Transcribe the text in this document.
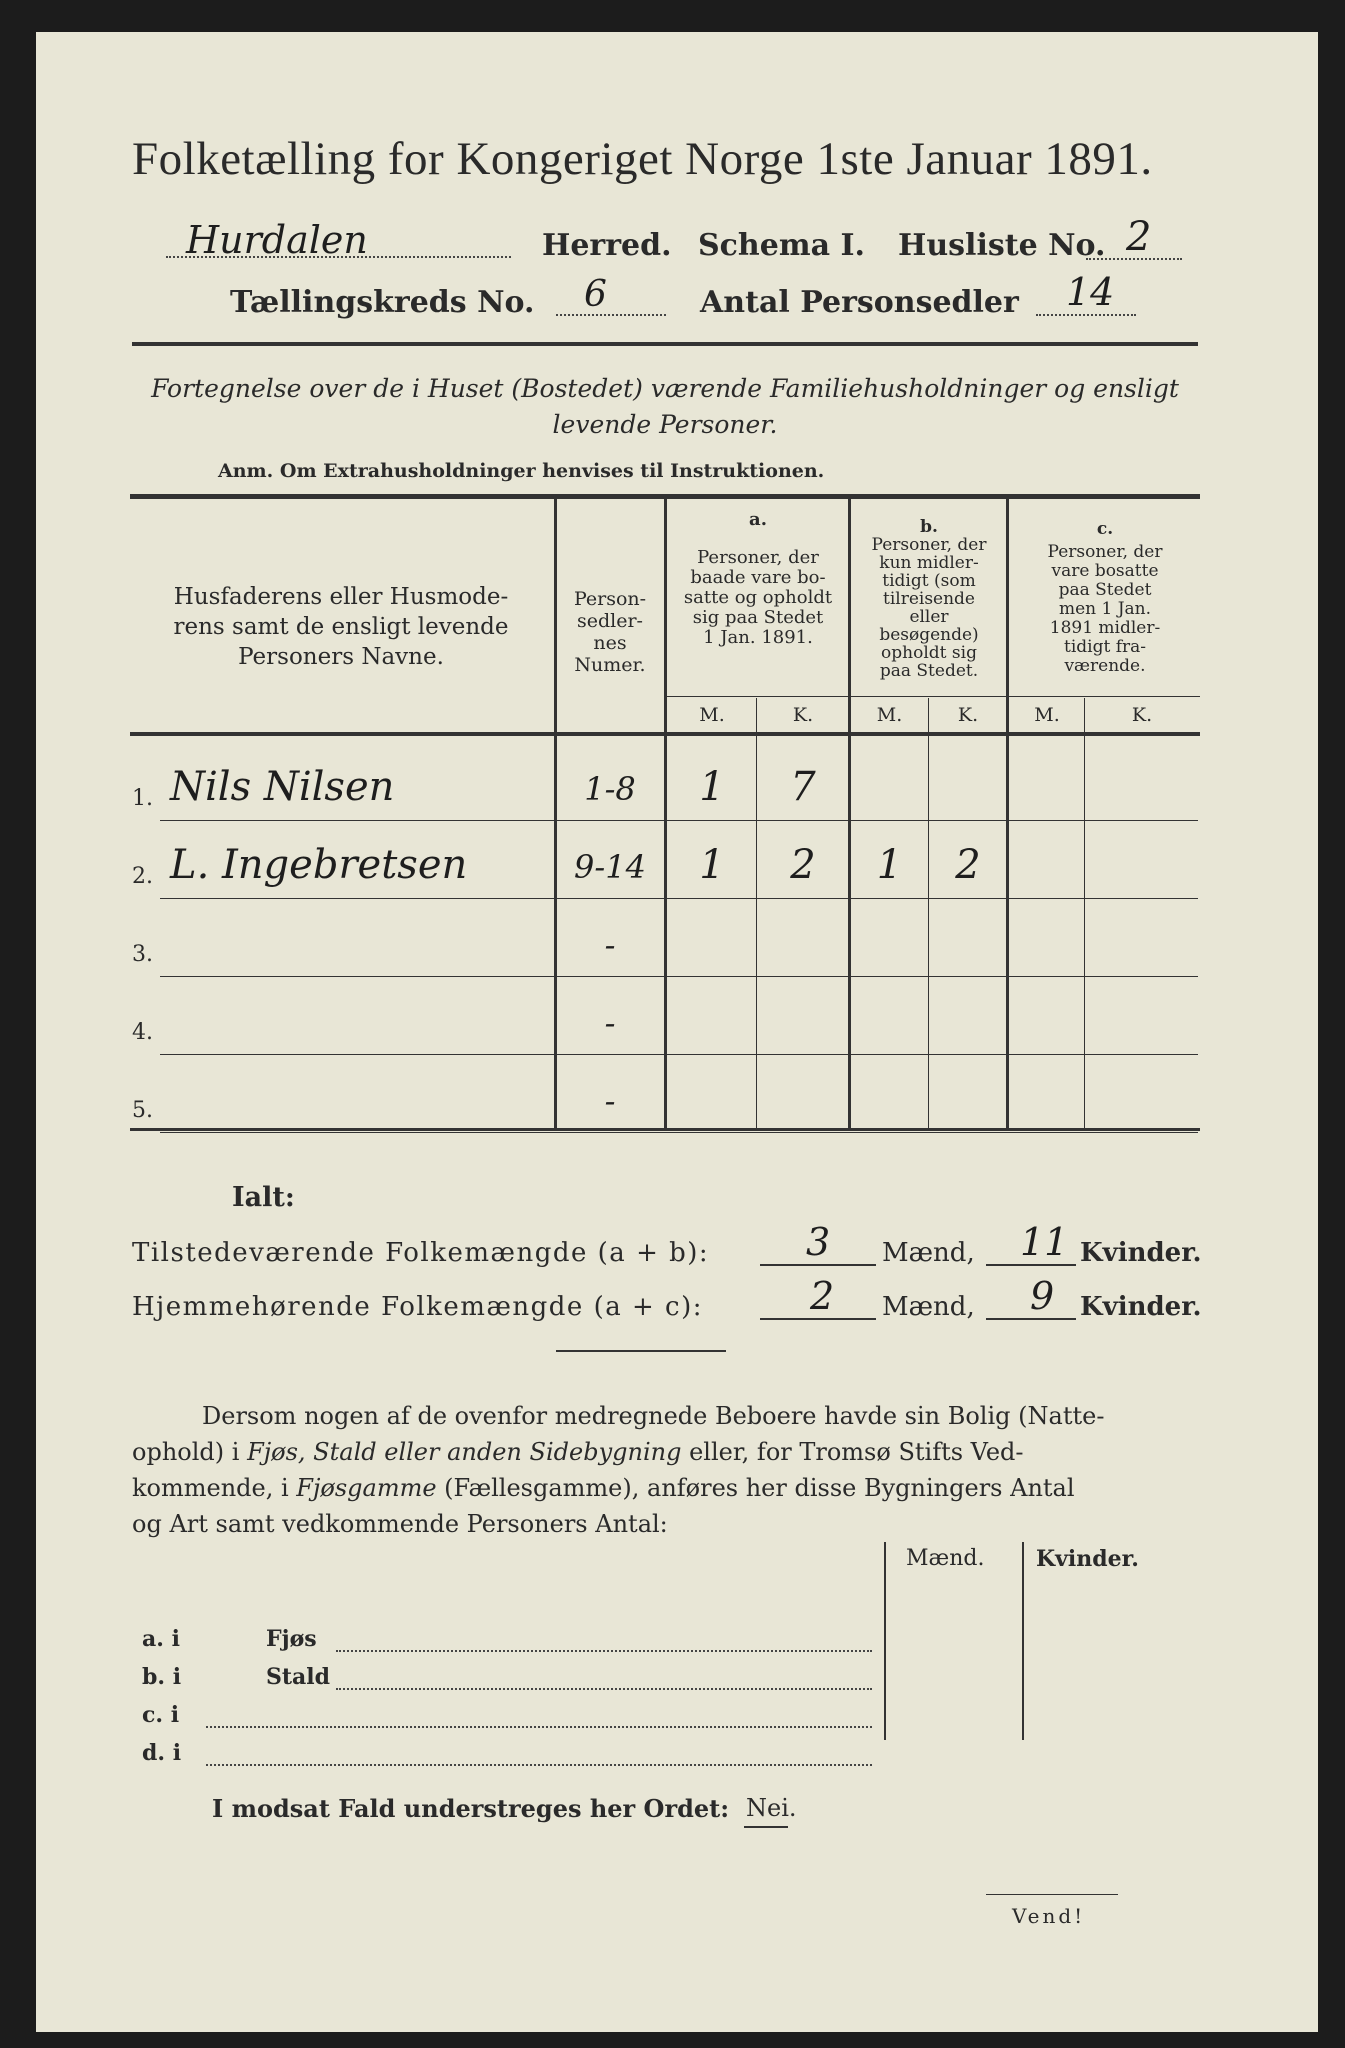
Folketælling for Kongeriget Norge 1ste Januar 1891.
Hurdalen	Herred. Schema I. Husliste No. 2
Tællingskreds No. 6	Antal Personsedler 14
Fortegnelse over de i Huset (Bostedet) værende Familiehusholdninger og ensligt
levende Personer.
Anm. Om Extrahusholdninger henvises til Instruktionen.
Husfaderens eller Husmode-
rens samt de ensligt levende
Personers Navne.
Person-
sedler-
nes
Numer.
a.
Personer, der
baade vare bo-
satte og opholdt
sig paa Stedet
1 Jan. 1891.
b.
Personer, der
kun midler-
tidigt (som
tilreisende
eller
besøgende)
opholdt sig
paa Stedet.
c.
Personer, der
vare bosatte
paa Stedet
men 1 Jan.
1891 midler-
tidigt fra-
værende.
M.	K.	M.	K.	M.	K.
1. Nils Nilsen	1-8	1	7
2. L. Ingebretsen	9-14	1	2	1	2
3.	-
4.	-
5.	-
Ialt:
Tilstedeværende Folkemængde (a + b):	3 Mænd, 11 Kvinder.
Hjemmehørende Folkemængde (a + c):	2 Mænd, 9 Kvinder.
Dersom nogen af de ovenfor medregnede Beboere havde sin Bolig (Natte-
ophold) i Fjøs, Stald eller anden Sidebygning eller, for Tromsø Stifts Ved-
kommende, i Fjøsgamme (Fællesgamme), anføres her disse Bygningers Antal
og Art samt vedkommende Personers Antal:
Mænd. Kvinder.
a. i	Fjøs
b. i	Stald
c. i
d. i
I modsat Fald understreges her Ordet: Nei.
Vend!
